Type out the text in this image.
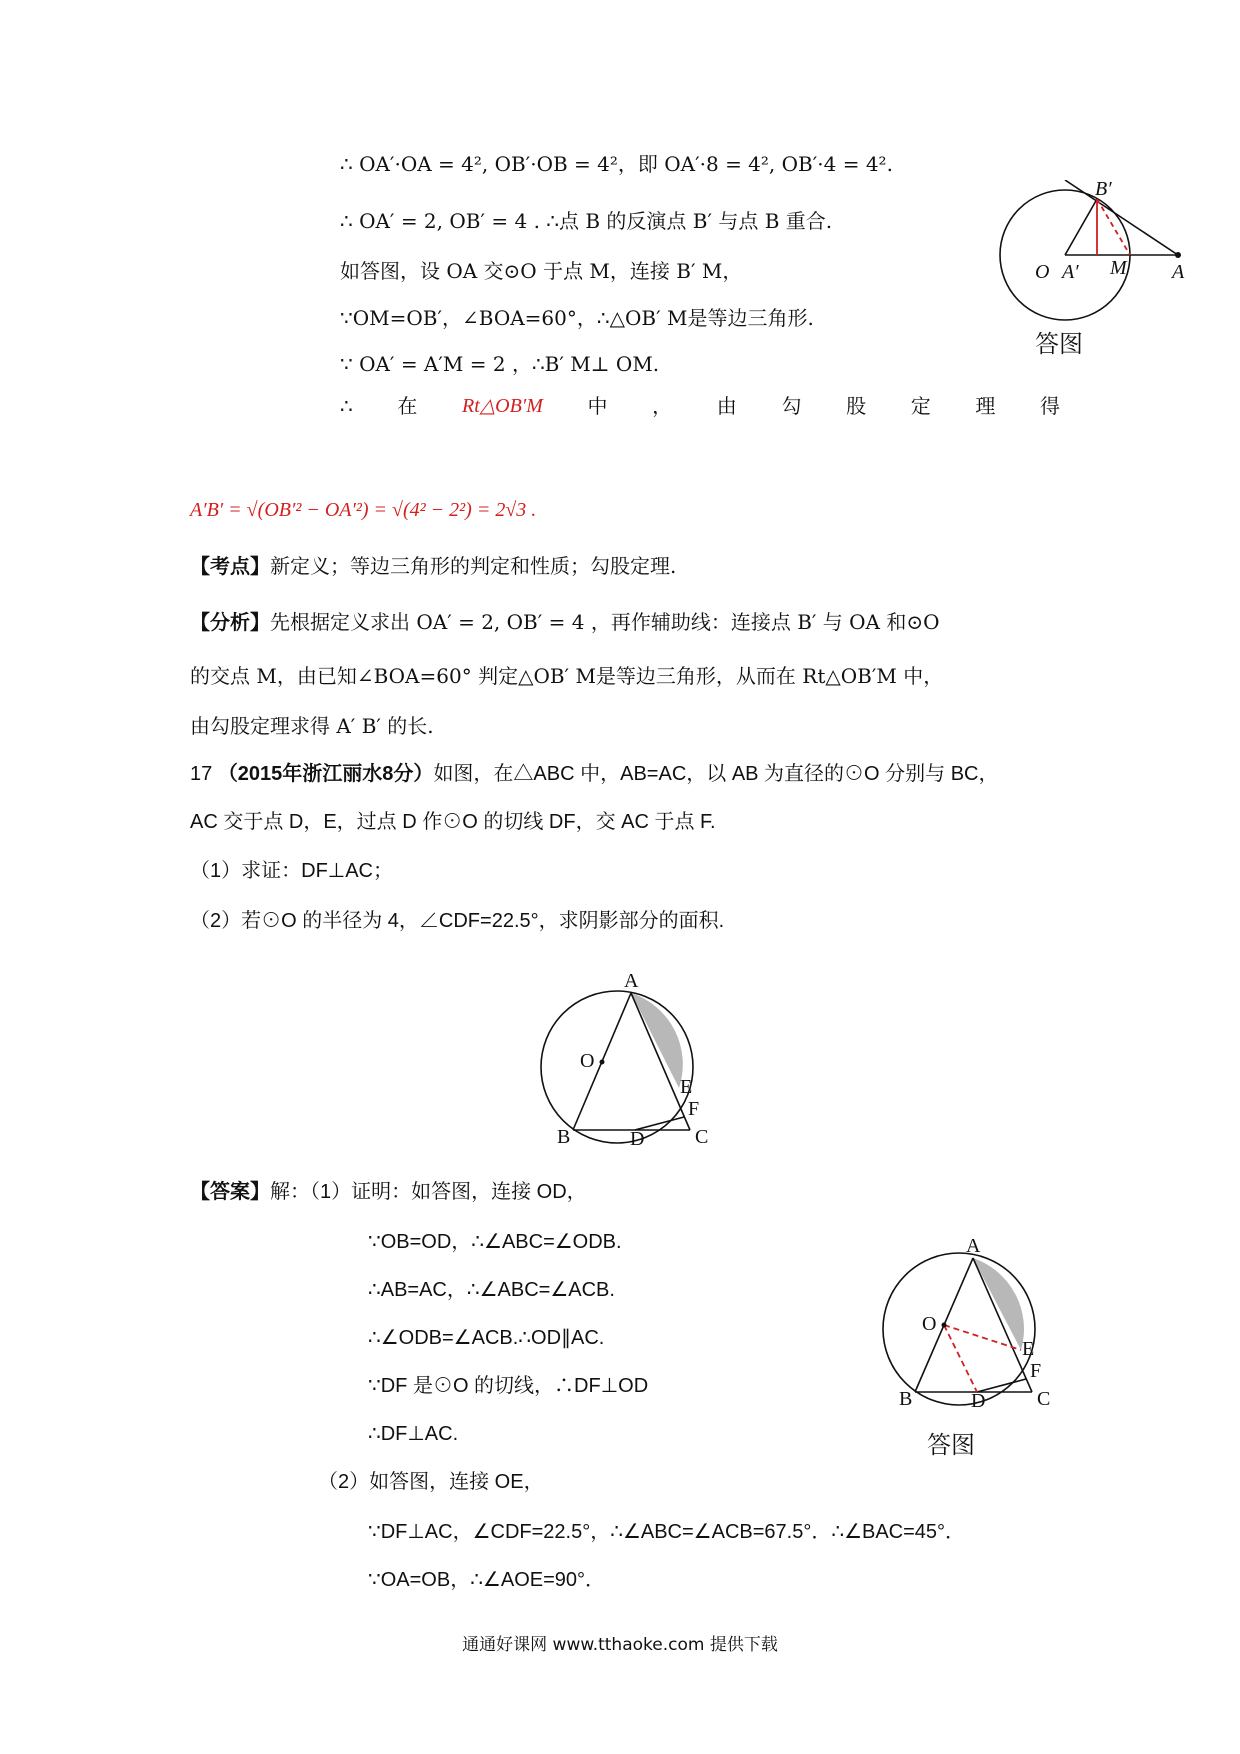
∴ OA′·OA = 4², OB′·OB = 4²，即 OA′·8 = 4², OB′·4 = 4².
∴ OA′ = 2, OB′ = 4 . ∴点 B 的反演点 B′ 与点 B 重合.
如答图，设 OA 交⊙O 于点 M，连接 B′ M，
∵OM=OB′，∠BOA=60°，∴△OB′ M是等边三角形.
∵ OA′ = A′M = 2 ，∴B′ M⊥ OM.
∴ 在 Rt△OB′M 中 ， 由 勾 股 定 理 得
A′B′ = √(OB′² − OA′²) = √(4² − 2²) = 2√3 .
【考点】新定义；等边三角形的判定和性质；勾股定理.
【分析】先根据定义求出 OA′ = 2, OB′ = 4 ，再作辅助线：连接点 B′ 与 OA 和⊙O
的交点 M，由已知∠BOA=60° 判定△OB′ M是等边三角形，从而在 Rt△OB′M 中，
由勾股定理求得 A′ B′ 的长.
17 （2015年浙江丽水8分）如图，在△ABC 中，AB=AC，以 AB 为直径的⊙O 分别与 BC，
AC 交于点 D，E，过点 D 作⊙O 的切线 DF，交 AC 于点 F.
（1）求证：DF⊥AC；
（2）若⊙O 的半径为 4，∠CDF=22.5°，求阴影部分的面积.
【答案】解：（1）证明：如答图，连接 OD，
∵OB=OD，∴∠ABC=∠ODB.
∴AB=AC，∴∠ABC=∠ACB.
∴∠ODB=∠ACB.∴OD∥AC.
∵DF 是⊙O 的切线，∴DF⊥OD
∴DF⊥AC.
（2）如答图，连接 OE，
∵DF⊥AC，∠CDF=22.5°，∴∠ABC=∠ACB=67.5°．∴∠BAC=45°．
∵OA=OB，∴∠AOE=90°．
B′
O A′ M A
答图
A
O
E
F
B	D	C
A
O
E
F
B	D	C
答图
通通好课网 www.tthaoke.com 提供下载
